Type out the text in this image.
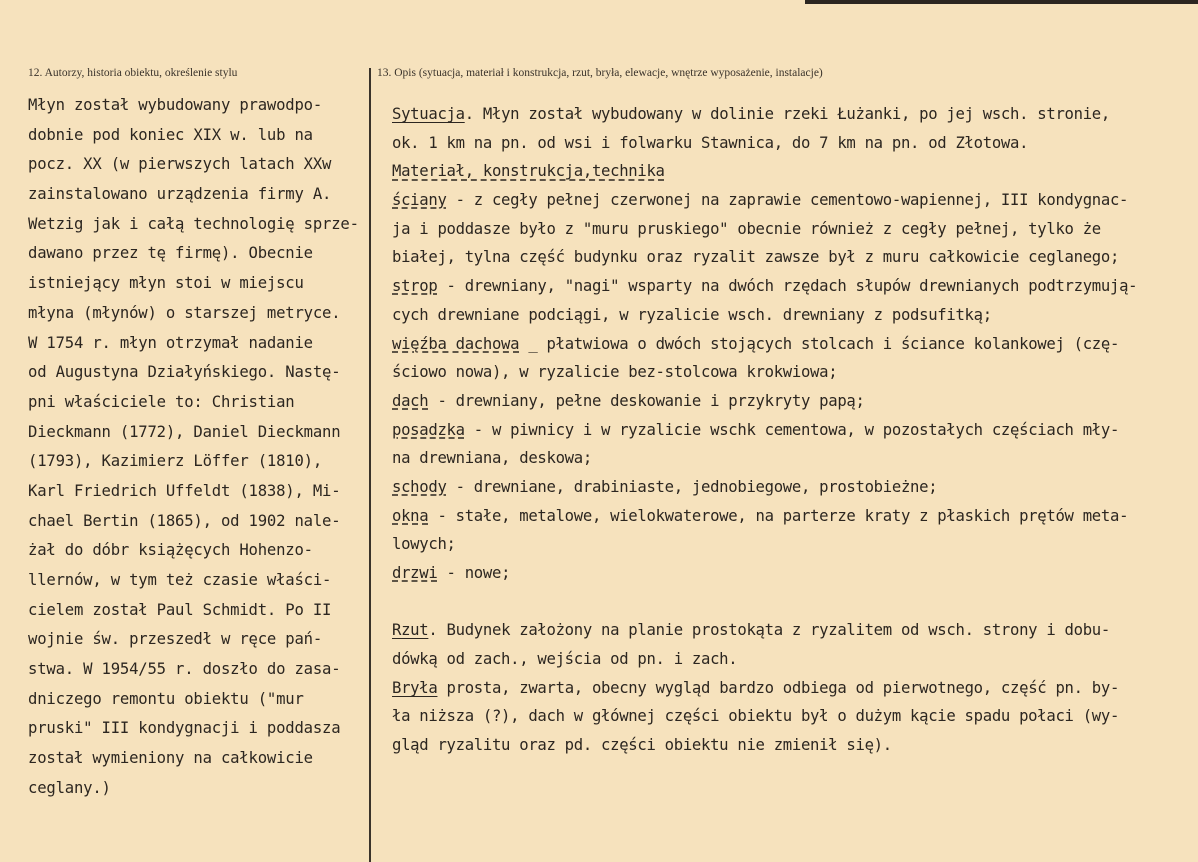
12. Autorzy, historia obiektu, określenie stylu	13. Opis (sytuacja, materiał i konstrukcja, rzut, bryła, elewacje, wnętrze wyposażenie, instalacje)
Młyn został wybudowany prawodpo-
dobnie pod koniec XIX w. lub na
pocz. XX (w pierwszych latach XXw
zainstalowano urządzenia firmy A.
Wetzig jak i całą technologię sprze-
dawano przez tę firmę). Obecnie
istniejący młyn stoi w miejscu
młyna (młynów) o starszej metryce.
W 1754 r. młyn otrzymał nadanie
od Augustyna Działyńskiego. Nastę-
pni właściciele to: Christian
Dieckmann (1772), Daniel Dieckmann
(1793), Kazimierz Löffer (1810),
Karl Friedrich Uffeldt (1838), Mi-
chael Bertin (1865), od 1902 nale-
żał do dóbr książęcych Hohenzo-
llernów, w tym też czasie właści-
cielem został Paul Schmidt. Po II
wojnie św. przeszedł w ręce pań-
stwa. W 1954/55 r. doszło do zasa-
dniczego remontu obiektu ("mur
pruski" III kondygnacji i poddasza
został wymieniony na całkowicie
ceglany.)
Sytuacja. Młyn został wybudowany w dolinie rzeki Łużanki, po jej wsch. stronie,
ok. 1 km na pn. od wsi i folwarku Stawnica, do 7 km na pn. od Złotowa.
Materiał, konstrukcja,technika
ściany - z cegły pełnej czerwonej na zaprawie cementowo-wapiennej, III kondygnac-
ja i poddasze było z "muru pruskiego" obecnie również z cegły pełnej, tylko że
białej, tylna część budynku oraz ryzalit zawsze był z muru całkowicie ceglanego;
strop - drewniany, "nagi" wsparty na dwóch rzędach słupów drewnianych podtrzymują-
cych drewniane podciągi, w ryzalicie wsch. drewniany z podsufitką;
więźba dachowa _ płatwiowa o dwóch stojących stolcach i ściance kolankowej (czę-
ściowo nowa), w ryzalicie bez-stolcowa krokwiowa;
dach - drewniany, pełne deskowanie i przykryty papą;
posadzka - w piwnicy i w ryzalicie wschk cementowa, w pozostałych częściach mły-
na drewniana, deskowa;
schody - drewniane, drabiniaste, jednobiegowe, prostobieżne;
okna - stałe, metalowe, wielokwaterowe, na parterze kraty z płaskich prętów meta-
lowych;
drzwi - nowe;
Rzut. Budynek założony na planie prostokąta z ryzalitem od wsch. strony i dobu-
dówką od zach., wejścia od pn. i zach.
Bryła prosta, zwarta, obecny wygląd bardzo odbiega od pierwotnego, część pn. by-
ła niższa (?), dach w głównej części obiektu był o dużym kącie spadu połaci (wy-
gląd ryzalitu oraz pd. części obiektu nie zmienił się).
